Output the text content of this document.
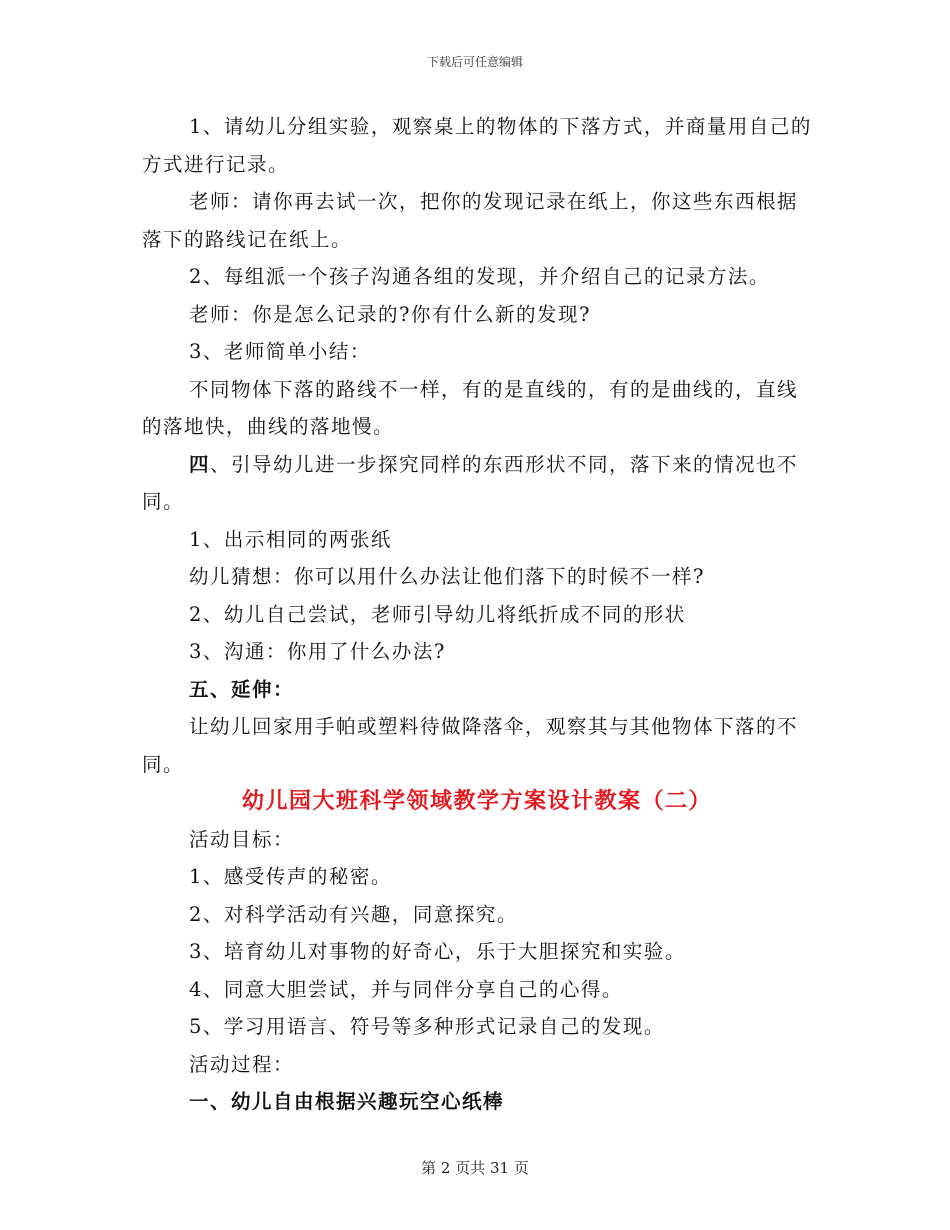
下载后可任意编辑

1、请幼儿分组实验，观察桌上的物体的下落方式，并商量用自己的方式进行记录。

老师：请你再去试一次，把你的发现记录在纸上，你这些东西根据落下的路线记在纸上。

2、每组派一个孩子沟通各组的发现，并介绍自己的记录方法。

老师：你是怎么记录的?你有什么新的发现?

3、老师简单小结：

不同物体下落的路线不一样，有的是直线的，有的是曲线的，直线的落地快，曲线的落地慢。

四、引导幼儿进一步探究同样的东西形状不同，落下来的情况也不同。

1、出示相同的两张纸

幼儿猜想：你可以用什么办法让他们落下的时候不一样?

2、幼儿自己尝试，老师引导幼儿将纸折成不同的形状

3、沟通：你用了什么办法?

五、延伸：

让幼儿回家用手帕或塑料待做降落伞，观察其与其他物体下落的不同。

幼儿园大班科学领域教学方案设计教案（二）

活动目标：

1、感受传声的秘密。

2、对科学活动有兴趣，同意探究。

3、培育幼儿对事物的好奇心，乐于大胆探究和实验。

4、同意大胆尝试，并与同伴分享自己的心得。

5、学习用语言、符号等多种形式记录自己的发现。

活动过程：

一、幼儿自由根据兴趣玩空心纸棒

第 2 页共 31 页
